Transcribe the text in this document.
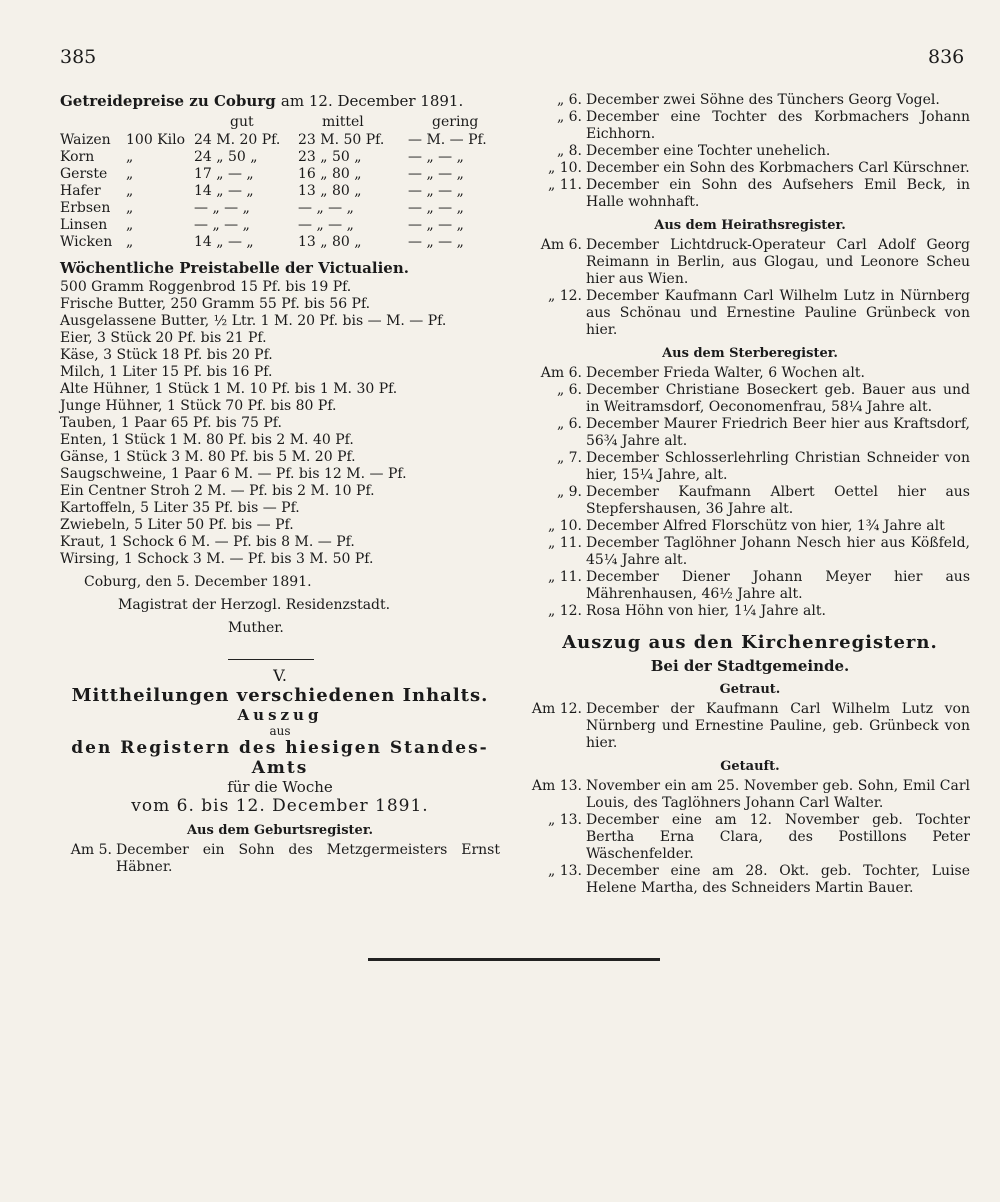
385	836
Getreidepreise zu Coburg am 12. December 1891.
gut	mittel	gering
Waizen	100 Kilo	24 M. 20 Pf.	23 M. 50 Pf.	— M. — Pf.
Korn	„	24 „ 50 „	23 „ 50 „	— „ — „
Gerste	„	17 „ — „	16 „ 80 „	— „ — „
Hafer	„	14 „ — „	13 „ 80 „	— „ — „
Erbsen	„	— „ — „	— „ — „	— „ — „
Linsen	„	— „ — „	— „ — „	— „ — „
Wicken	„	14 „ — „	13 „ 80 „	— „ — „
Wöchentliche Preistabelle der Victualien.
500 Gramm Roggenbrod 15 Pf. bis 19 Pf.
Frische Butter, 250 Gramm 55 Pf. bis 56 Pf.
Ausgelassene Butter, ½ Ltr. 1 M. 20 Pf. bis — M. — Pf.
Eier, 3 Stück 20 Pf. bis 21 Pf.
Käse, 3 Stück 18 Pf. bis 20 Pf.
Milch, 1 Liter 15 Pf. bis 16 Pf.
Alte Hühner, 1 Stück 1 M. 10 Pf. bis 1 M. 30 Pf.
Junge Hühner, 1 Stück 70 Pf. bis 80 Pf.
Tauben, 1 Paar 65 Pf. bis 75 Pf.
Enten, 1 Stück 1 M. 80 Pf. bis 2 M. 40 Pf.
Gänse, 1 Stück 3 M. 80 Pf. bis 5 M. 20 Pf.
Saugschweine, 1 Paar 6 M. — Pf. bis 12 M. — Pf.
Ein Centner Stroh 2 M. — Pf. bis 2 M. 10 Pf.
Kartoffeln, 5 Liter 35 Pf. bis — Pf.
Zwiebeln, 5 Liter 50 Pf. bis — Pf.
Kraut, 1 Schock 6 M. — Pf. bis 8 M. — Pf.
Wirsing, 1 Schock 3 M. — Pf. bis 3 M. 50 Pf.
Coburg, den 5. December 1891.
Magistrat der Herzogl. Residenzstadt.
Muther.
V.
Mittheilungen verschiedenen Inhalts.
Auszug
aus
den Registern des hiesigen Standes-Amts
für die Woche
vom 6. bis 12. December 1891.
Aus dem Geburtsregister.
Am 5. December ein Sohn des Metzgermeisters Ernst Häbner.
„ 6. December zwei Söhne des Tünchers Georg Vogel.
„ 6. December eine Tochter des Korbmachers Johann Eichhorn.
„ 8. December eine Tochter unehelich.
„ 10. December ein Sohn des Korbmachers Carl Kürschner.
„ 11. December ein Sohn des Aufsehers Emil Beck, in Halle wohnhaft.
Aus dem Heirathsregister.
Am 6. December Lichtdruck-Operateur Carl Adolf Georg Reimann in Berlin, aus Glogau, und Leonore Scheu hier aus Wien.
„ 12. December Kaufmann Carl Wilhelm Lutz in Nürnberg aus Schönau und Ernestine Pauline Grünbeck von hier.
Aus dem Sterberegister.
Am 6. December Frieda Walter, 6 Wochen alt.
„ 6. December Christiane Boseckert geb. Bauer aus und in Weitramsdorf, Oeconomenfrau, 58¼ Jahre alt.
„ 6. December Maurer Friedrich Beer hier aus Kraftsdorf, 56¾ Jahre alt.
„ 7. December Schlosserlehrling Christian Schneider von hier, 15¼ Jahre, alt.
„ 9. December Kaufmann Albert Oettel hier aus Stepfershausen, 36 Jahre alt.
„ 10. December Alfred Florschütz von hier, 1¾ Jahre alt
„ 11. December Taglöhner Johann Nesch hier aus Kößfeld, 45¼ Jahre alt.
„ 11. December Diener Johann Meyer hier aus Mährenhausen, 46½ Jahre alt.
„ 12. Rosa Höhn von hier, 1¼ Jahre alt.
Auszug aus den Kirchenregistern.
Bei der Stadtgemeinde.
Getraut.
Am 12. December der Kaufmann Carl Wilhelm Lutz von Nürnberg und Ernestine Pauline, geb. Grünbeck von hier.
Getauft.
Am 13. November ein am 25. November geb. Sohn, Emil Carl Louis, des Taglöhners Johann Carl Walter.
„ 13. December eine am 12. November geb. Tochter Bertha Erna Clara, des Postillons Peter Wäschenfelder.
„ 13. December eine am 28. Okt. geb. Tochter, Luise Helene Martha, des Schneiders Martin Bauer.
